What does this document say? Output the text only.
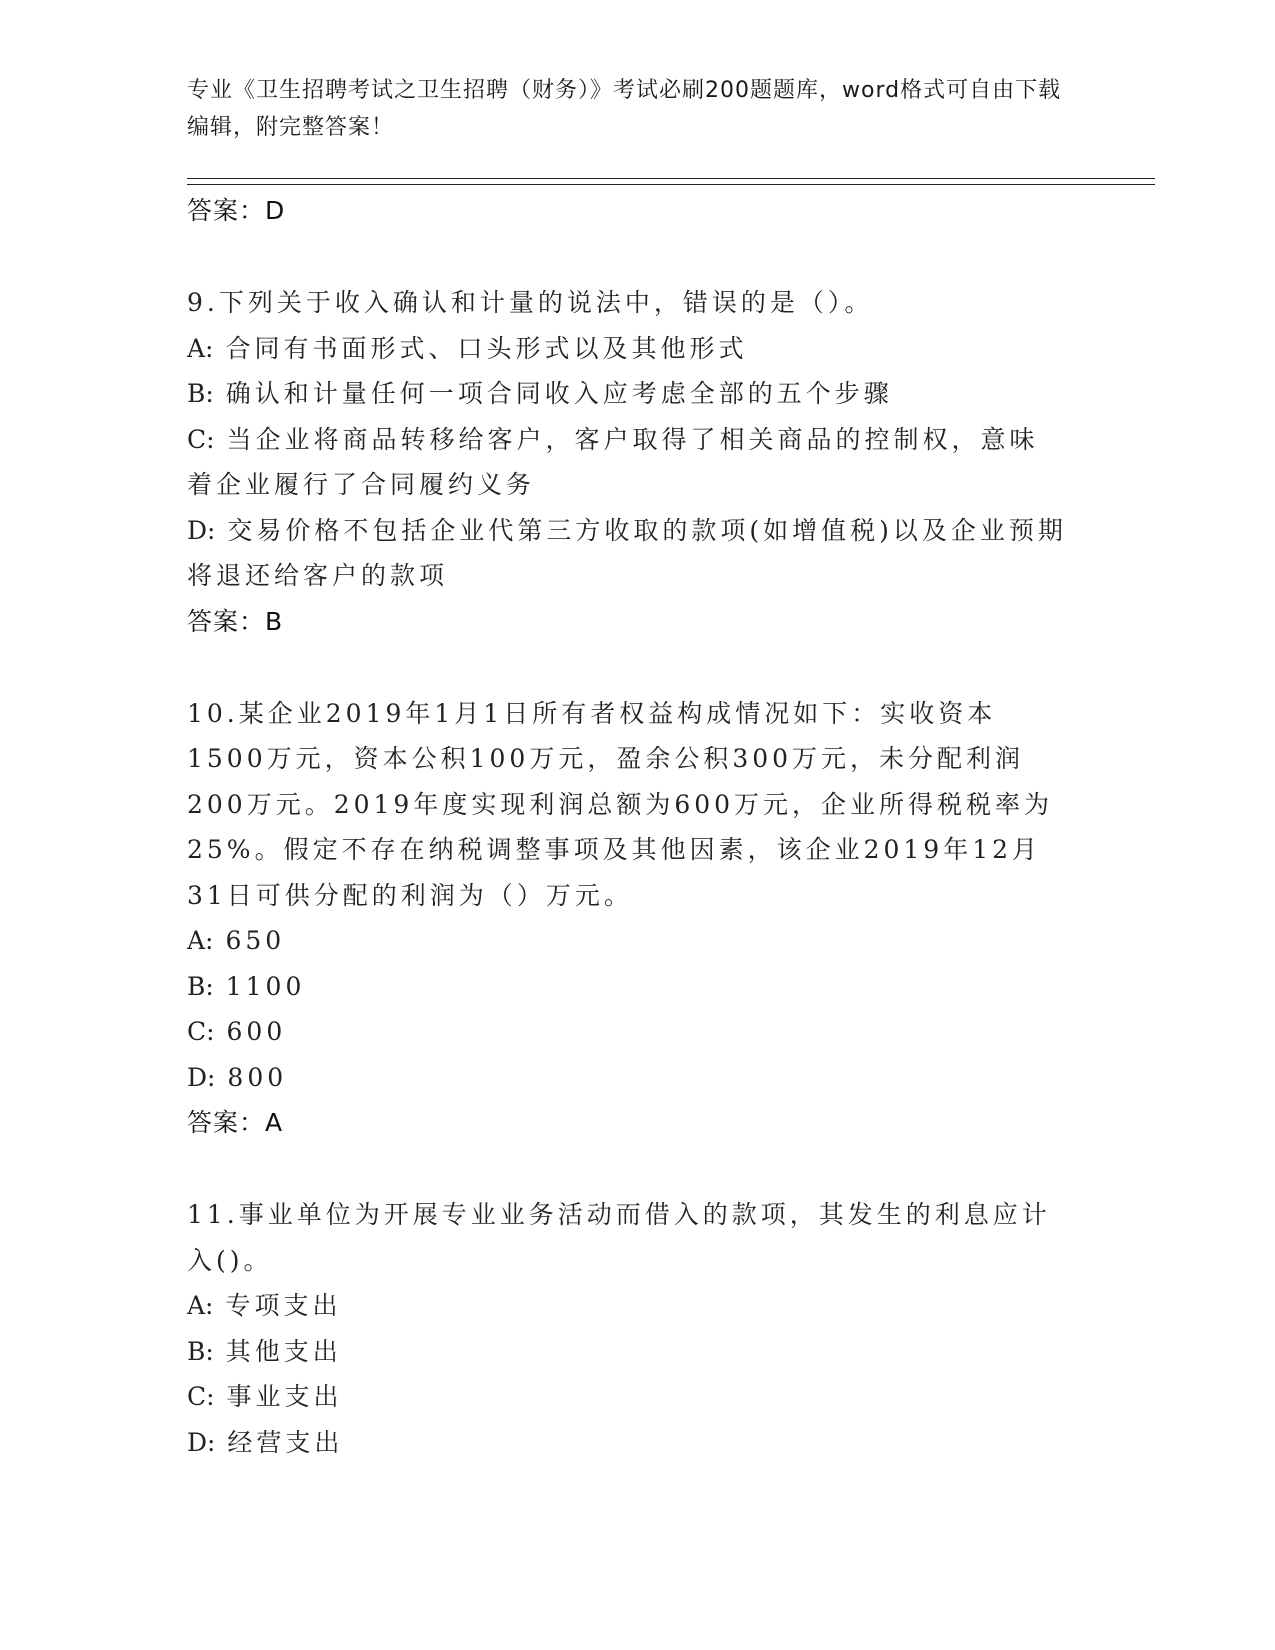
专业《卫生招聘考试之卫生招聘（财务）》考试必刷200题题库，word格式可自由下载编辑，附完整答案！
答案：D
9.下列关于收入确认和计量的说法中，错误的是（）。
A: 合同有书面形式、口头形式以及其他形式
B: 确认和计量任何一项合同收入应考虑全部的五个步骤
C: 当企业将商品转移给客户，客户取得了相关商品的控制权，意味着企业履行了合同履约义务
D: 交易价格不包括企业代第三方收取的款项(如增值税)以及企业预期将退还给客户的款项
答案：B
10.某企业2019年1月1日所有者权益构成情况如下：实收资本1500万元，资本公积100万元，盈余公积300万元，未分配利润200万元。2019年度实现利润总额为600万元，企业所得税税率为25%。假定不存在纳税调整事项及其他因素，该企业2019年12月31日可供分配的利润为（）万元。
A: 650
B: 1100
C: 600
D: 800
答案：A
11.事业单位为开展专业业务活动而借入的款项，其发生的利息应计入()。
A: 专项支出
B: 其他支出
C: 事业支出
D: 经营支出
